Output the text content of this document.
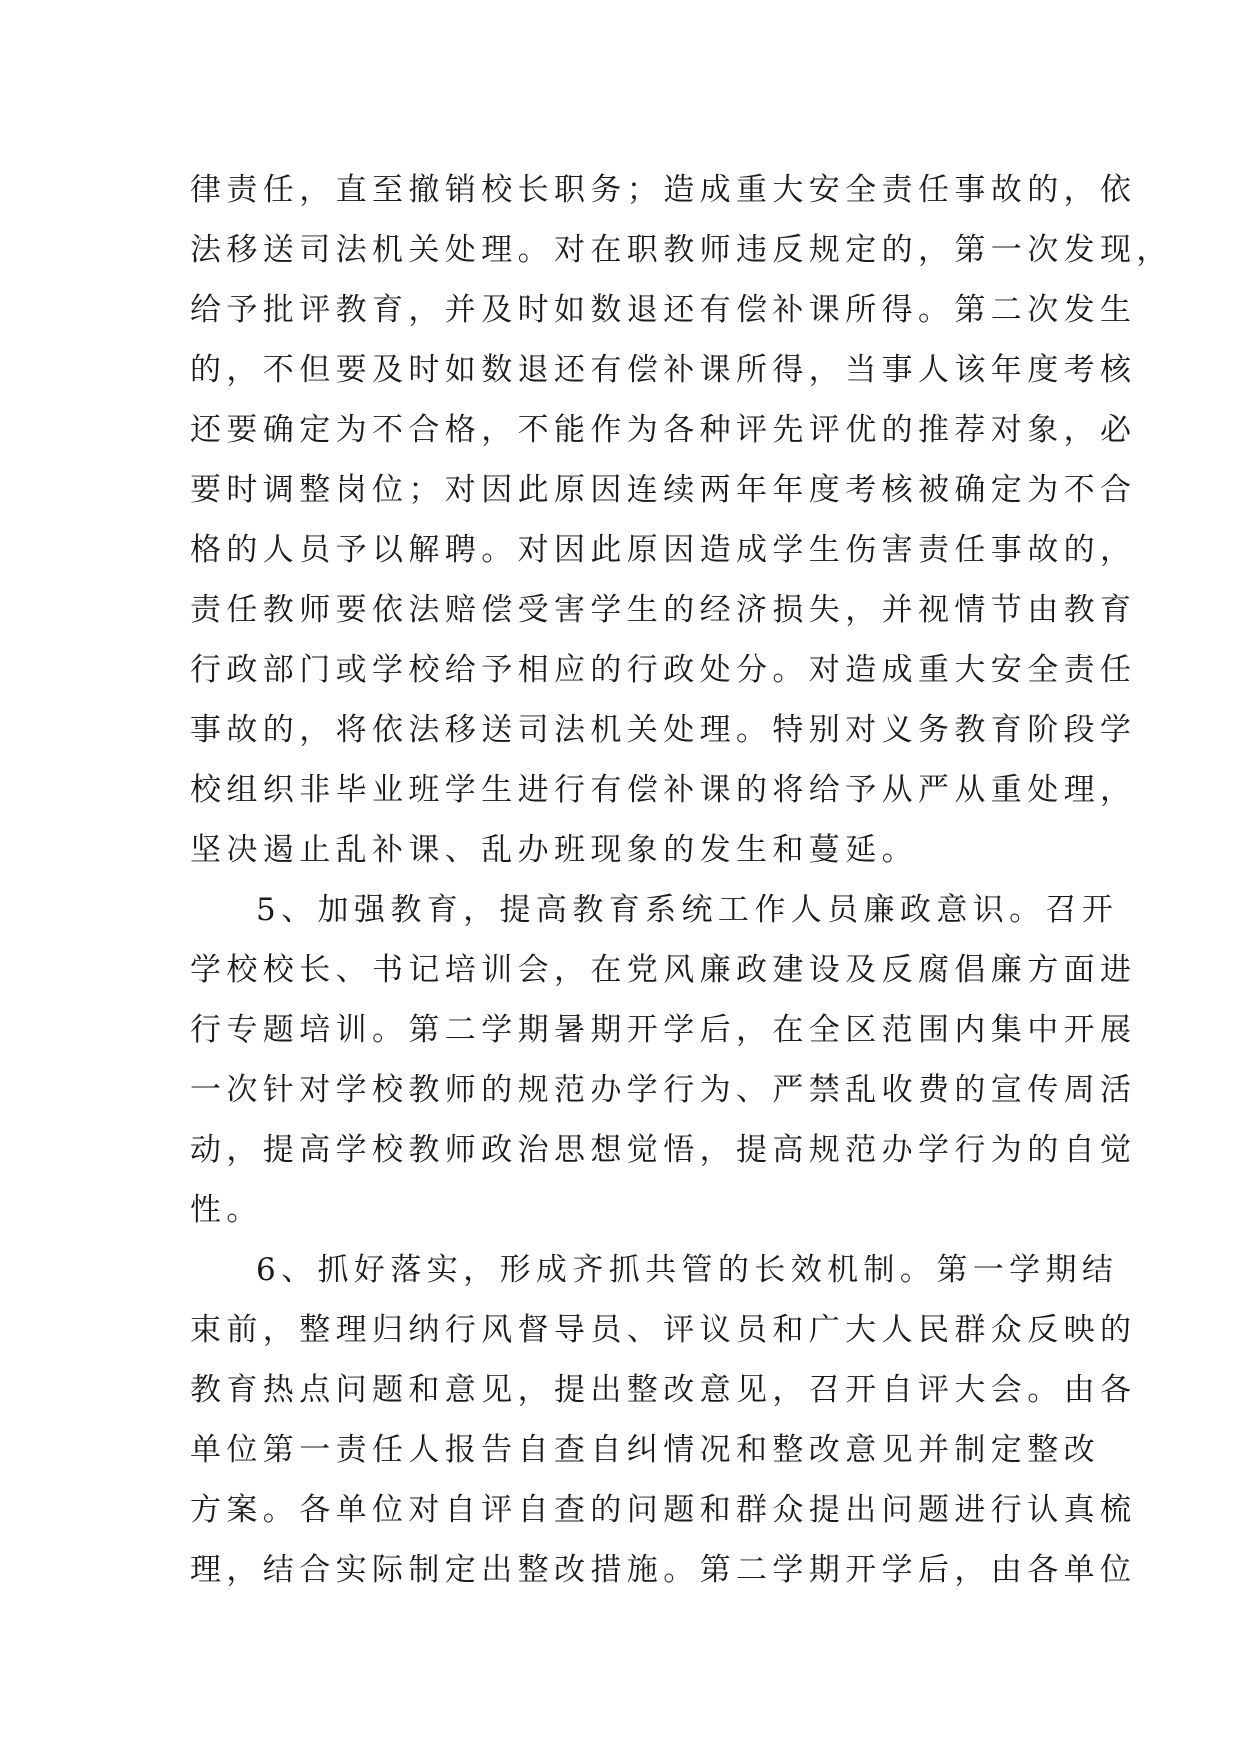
律责任，直至撤销校长职务；造成重大安全责任事故的，依
法移送司法机关处理。对在职教师违反规定的，第一次发现，
给予批评教育，并及时如数退还有偿补课所得。第二次发生
的，不但要及时如数退还有偿补课所得，当事人该年度考核
还要确定为不合格，不能作为各种评先评优的推荐对象，必
要时调整岗位；对因此原因连续两年年度考核被确定为不合
格的人员予以解聘。对因此原因造成学生伤害责任事故的，
责任教师要依法赔偿受害学生的经济损失，并视情节由教育
行政部门或学校给予相应的行政处分。对造成重大安全责任
事故的，将依法移送司法机关处理。特别对义务教育阶段学
校组织非毕业班学生进行有偿补课的将给予从严从重处理，
坚决遏止乱补课、乱办班现象的发生和蔓延。
5、加强教育，提高教育系统工作人员廉政意识。召开
学校校长、书记培训会，在党风廉政建设及反腐倡廉方面进
行专题培训。第二学期暑期开学后，在全区范围内集中开展
一次针对学校教师的规范办学行为、严禁乱收费的宣传周活
动，提高学校教师政治思想觉悟，提高规范办学行为的自觉
性。
6、抓好落实，形成齐抓共管的长效机制。第一学期结
束前，整理归纳行风督导员、评议员和广大人民群众反映的
教育热点问题和意见，提出整改意见，召开自评大会。由各
单位第一责任人报告自查自纠情况和整改意见并制定整改
方案。各单位对自评自查的问题和群众提出问题进行认真梳
理，结合实际制定出整改措施。第二学期开学后，由各单位
